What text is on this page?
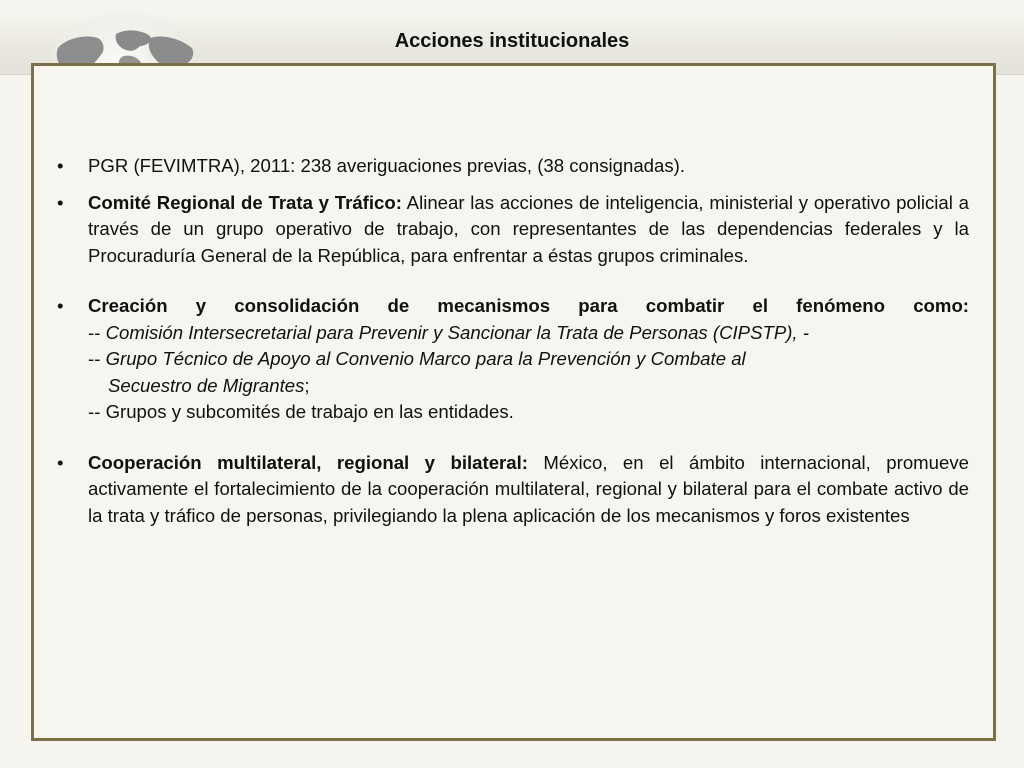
Acciones institucionales
• PGR (FEVIMTRA), 2011: 238 averiguaciones previas, (38 consignadas).
• Comité Regional de Trata y Tráfico: Alinear las acciones de inteligencia, ministerial y operativo policial a través de un grupo operativo de trabajo, con representantes de las dependencias federales y la Procuraduría General de la República, para enfrentar a éstas grupos criminales.
• Creación y consolidación de mecanismos para combatir el fenómeno como:
-- Comisión Intersecretarial para Prevenir y Sancionar la Trata de Personas (CIPSTP), -
-- Grupo Técnico de Apoyo al Convenio Marco para la Prevención y Combate al
Secuestro de Migrantes;
-- Grupos y subcomités de trabajo en las entidades.
• Cooperación multilateral, regional y bilateral: México, en el ámbito internacional, promueve activamente el fortalecimiento de la cooperación multilateral, regional y bilateral para el combate activo de la trata y tráfico de personas, privilegiando la plena aplicación de los mecanismos y foros existentes
